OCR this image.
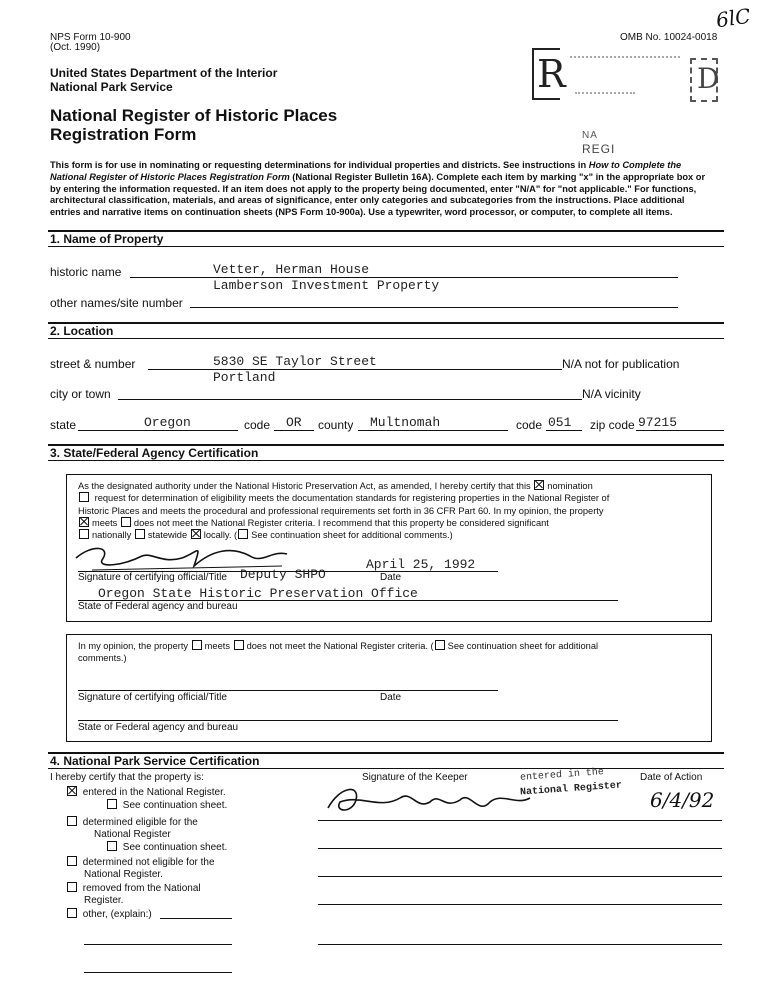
NPS Form 10-900
(Oct. 1990)
OMB No. 10024-0018
6lC
United States Department of the Interior
National Park Service
National Register of Historic Places
Registration Form
R	D
NA
REGI
This form is for use in nominating or requesting determinations for individual properties and districts. See instructions in How to Complete the
National Register of Historic Places Registration Form (National Register Bulletin 16A). Complete each item by marking "x" in the appropriate box or
by entering the information requested. If an item does not apply to the property being documented, enter "N/A" for "not applicable." For functions,
architectural classification, materials, and areas of significance, enter only categories and subcategories from the instructions. Place additional
entries and narrative items on continuation sheets (NPS Form 10-900a). Use a typewriter, word processor, or computer, to complete all items.
1. Name of Property
historic name	Vetter, Herman House
Lamberson Investment Property
other names/site number
2. Location
street & number	5830 SE Taylor Street	N/A not for publication
Portland
city or town	N/A vicinity
state	Oregon	code OR county Multnomah	code 051 zip code 97215
3. State/Federal Agency Certification
As the designated authority under the National Historic Preservation Act, as amended, I hereby certify that this nomination
request for determination of eligibility meets the documentation standards for registering properties in the National Register of
Historic Places and meets the procedural and professional requirements set forth in 36 CFR Part 60. In my opinion, the property
meets does not meet the National Register criteria. I recommend that this property be considered significant
nationally statewide locally. ( See continuation sheet for additional comments.)
Deputy SHPO
April 25, 1992
Signature of certifying official/Title	Date
Oregon State Historic Preservation Office
State of Federal agency and bureau
In my opinion, the property meets does not meet the National Register criteria. ( See continuation sheet for additional
comments.)
Signature of certifying official/Title	Date
State or Federal agency and bureau
4. National Park Service Certification
I hereby certify that the property is:	Signature of the Keeper	Date of Action
entered in the
National Register 6/4/92
entered in the National Register.
See continuation sheet.
determined eligible for the
National Register
See continuation sheet.
determined not eligible for the
National Register.
removed from the National
Register.
other, (explain:)
